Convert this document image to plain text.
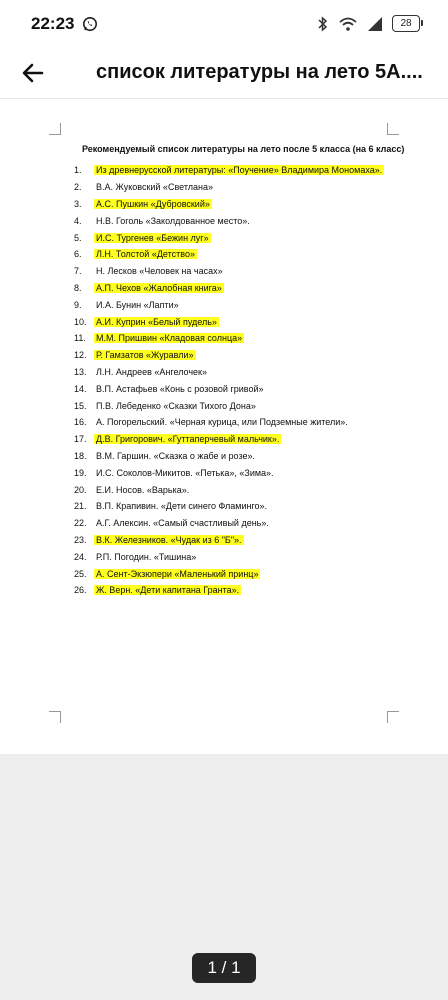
22:23	28
список литературы на лето 5А....
Рекомендуемый список литературы на лето после 5 класса (на 6 класс)
1.	Из древнерусской литературы: «Поучение» Владимира Мономаха».
2.	В.А. Жуковский «Светлана»
3.	А.С. Пушкин «Дубровский»
4.	Н.В. Гоголь «Заколдованное место».
5.	И.С. Тургенев «Бежин луг»
6.	Л.Н. Толстой «Детство»
7.	Н. Лесков «Человек на часах»
8.	А.П. Чехов «Жалобная книга»
9.	И.А. Бунин «Лапти»
10.	А.И. Куприн «Белый пудель»
11.	М.М. Пришвин «Кладовая солнца»
12.	Р. Гамзатов «Журавли»
13.	Л.Н. Андреев «Ангелочек»
14.	В.П. Астафьев «Конь с розовой гривой»
15.	П.В. Лебеденко «Сказки Тихого Дона»
16.	А. Погорельский. «Черная курица, или Подземные жители».
17.	Д.В. Григорович. «Гуттаперчевый мальчик».
18.	В.М. Гаршин. «Сказка о жабе и розе».
19.	И.С. Соколов-Микитов. «Петька», «Зима».
20.	Е.И. Носов. «Варька».
21.	В.П. Крапивин. «Дети синего Фламинго».
22.	А.Г. Алексин. «Самый счастливый день».
23.	В.К. Железников. «Чудак из 6 "Б"».
24.	Р.П. Погодин. «Тишина»
25.	А. Сент-Экзюпери «Маленький принц»
26.	Ж. Верн. «Дети капитана Гранта».
1 / 1
